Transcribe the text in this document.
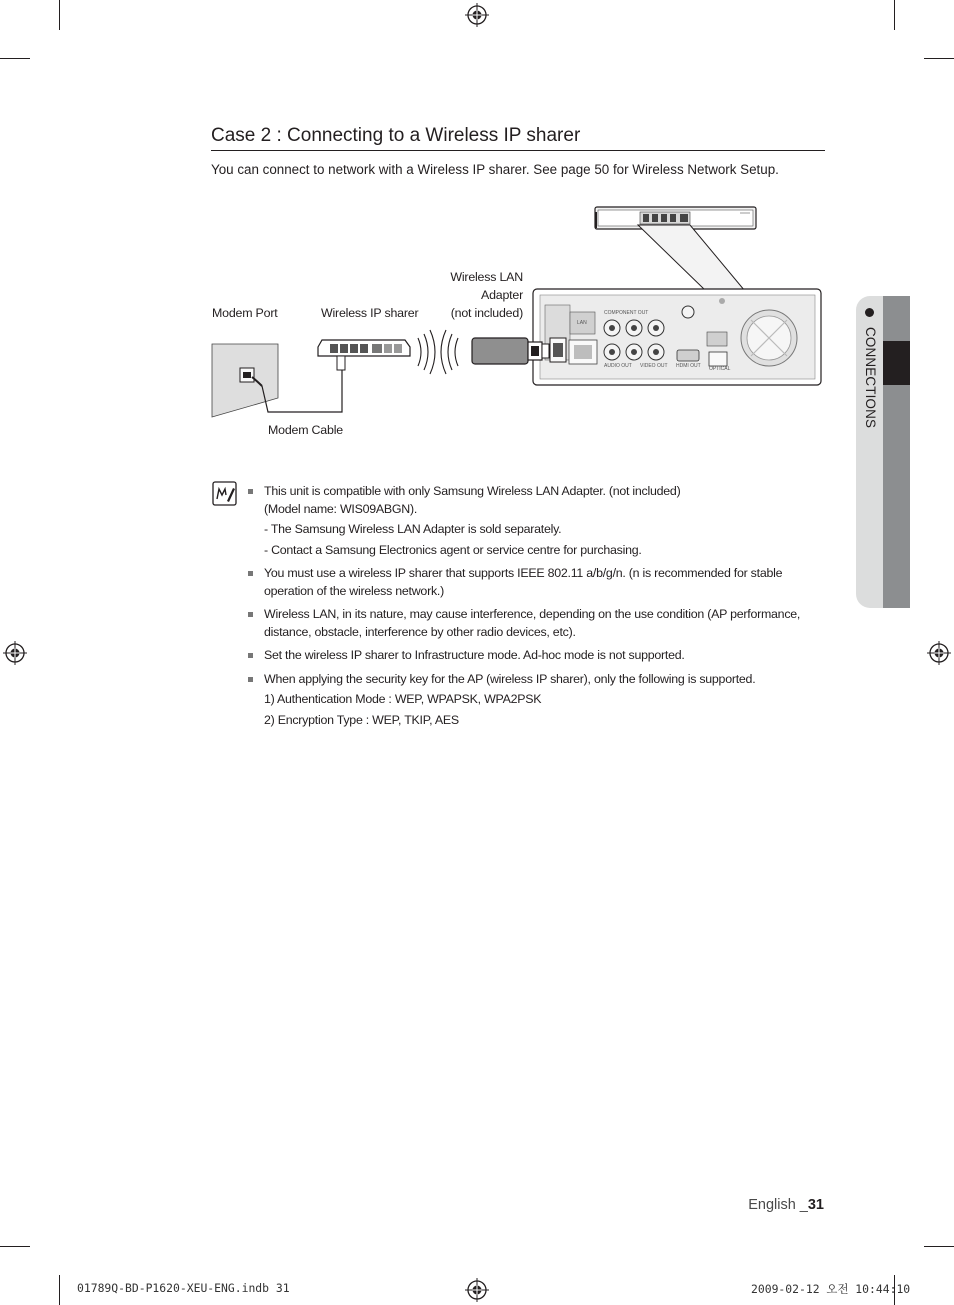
Case 2 : Connecting to a Wireless IP sharer
You can connect to network with a Wireless IP sharer. See page 50 for Wireless Network Setup.
Modem Port	Wireless IP sharer
Wireless LAN
Adapter
(not included)
Modem Cable
COMPONENT OUT
AUDIO OUT VIDEO OUT HDMI OUT OPTICAL
LAN
This unit is compatible with only Samsung Wireless LAN Adapter. (not included)
(Model name: WIS09ABGN).
- The Samsung Wireless LAN Adapter is sold separately.
- Contact a Samsung Electronics agent or service centre for purchasing.
You must use a wireless IP sharer that supports IEEE 802.11 a/b/g/n. (n is recommended for stable
operation of the wireless network.)
Wireless LAN, in its nature, may cause interference, depending on the use condition (AP performance,
distance, obstacle, interference by other radio devices, etc).
Set the wireless IP sharer to Infrastructure mode. Ad-hoc mode is not supported.
When applying the security key for the AP (wireless IP sharer), only the following is supported.
1) Authentication Mode : WEP, WPAPSK, WPA2PSK
2) Encryption Type : WEP, TKIP, AES
CONNECTIONS
English _31
01789Q-BD-P1620-XEU-ENG.indb 31	2009-02-12 오전 10:44:10
